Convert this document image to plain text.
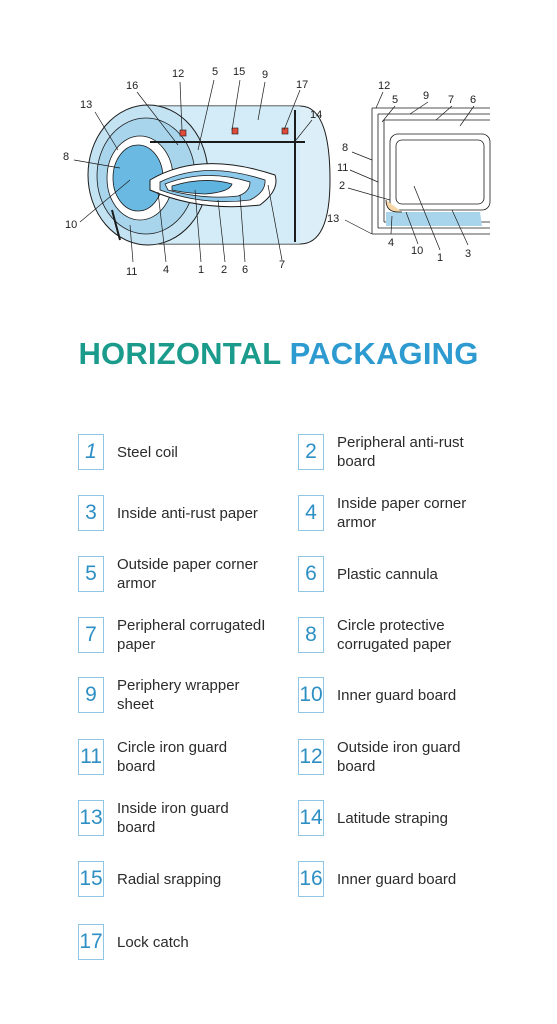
12	5 15
16
9
17
13
14
8
10
11 4	1 2 6	7
12
9 7 6
5
8
11
2
13
4
10
1 3
HORIZONTAL PACKAGING
1	Steel coil	2	Peripheral anti-rust board
3	Inside anti-rust paper	4	Inside paper corner armor
5	Outside paper corner armor	6	Plastic cannula
7	Peripheral corrugatedI paper	8	Circle protective corrugated paper
9	Periphery wrapper sheet	10 Inner guard board
11 Circle iron guard board	12 Outside iron guard board
13 Inside iron guard board	14 Latitude straping
15 Radial srapping	16 Inner guard board
17 Lock catch
